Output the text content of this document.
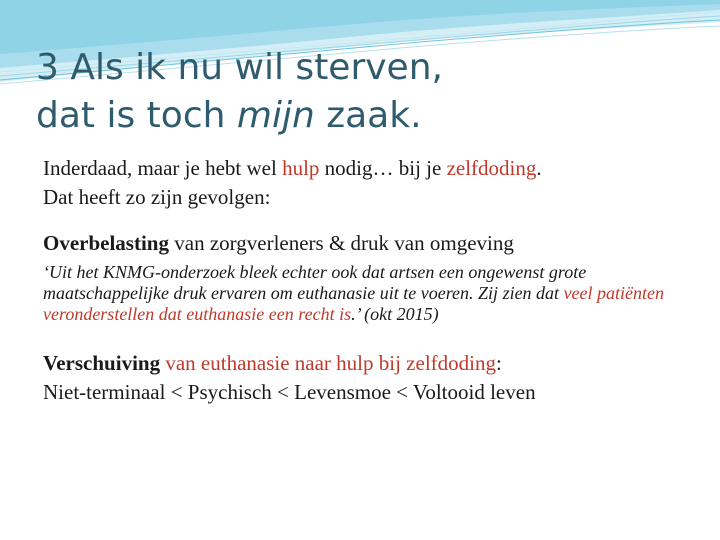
3 Als ik nu wil sterven,
dat is toch mijn zaak.

Inderdaad, maar je hebt wel hulp nodig… bij je zelfdoding.

Dat heeft zo zijn gevolgen:

Overbelasting van zorgverleners & druk van omgeving

‘Uit het KNMG-onderzoek bleek echter ook dat artsen een ongewenst grote maatschappelijke druk ervaren om euthanasie uit te voeren. Zij zien dat veel patiënten veronderstellen dat euthanasie een recht is.’ (okt 2015)

Verschuiving van euthanasie naar hulp bij zelfdoding:

Niet-terminaal < Psychisch < Levensmoe < Voltooid leven
